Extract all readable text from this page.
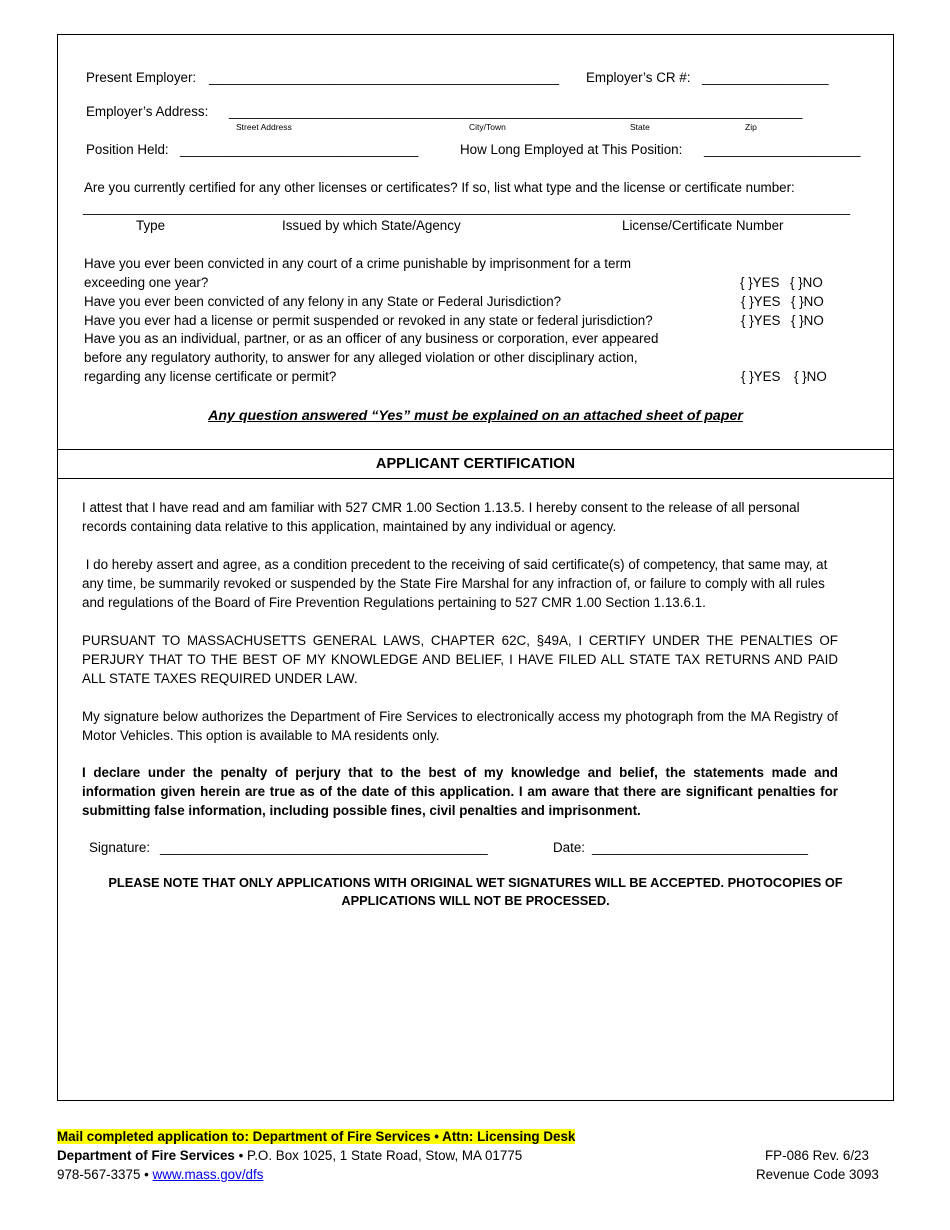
Present Employer: _______________________________________________ Employer’s CR #: _________________
Employer’s Address: _____________________________________________________________________________
Street Address	City/Town	State	Zip
Position Held: ________________________________	How Long Employed at This Position: _____________________
Are you currently certified for any other licenses or certificates? If so, list what type and the license or certificate number:
_______________________________________________________________________________________________________
Type	Issued by which State/Agency	License/Certificate Number
Have you ever been convicted in any court of a crime punishable by imprisonment for a term
exceeding one year?	{ }YES { }NO
Have you ever been convicted of any felony in any State or Federal Jurisdiction?	{ }YES { }NO
Have you ever had a license or permit suspended or revoked in any state or federal jurisdiction?	{ }YES { }NO
Have you as an individual, partner, or as an officer of any business or corporation, ever appeared
before any regulatory authority, to answer for any alleged violation or other disciplinary action,
regarding any license certificate or permit?	{ }YES { }NO
Any question answered “Yes” must be explained on an attached sheet of paper
APPLICANT CERTIFICATION
I attest that I have read and am familiar with 527 CMR 1.00 Section 1.13.5. I hereby consent to the release of all personal records containing data relative to this application, maintained by any individual or agency.
I do hereby assert and agree, as a condition precedent to the receiving of said certificate(s) of competency, that same may, at any time, be summarily revoked or suspended by the State Fire Marshal for any infraction of, or failure to comply with all rules and regulations of the Board of Fire Prevention Regulations pertaining to 527 CMR 1.00 Section 1.13.6.1.
PURSUANT TO MASSACHUSETTS GENERAL LAWS, CHAPTER 62C, §49A, I CERTIFY UNDER THE PENALTIES OF PERJURY THAT TO THE BEST OF MY KNOWLEDGE AND BELIEF, I HAVE FILED ALL STATE TAX RETURNS AND PAID ALL STATE TAXES REQUIRED UNDER LAW.
My signature below authorizes the Department of Fire Services to electronically access my photograph from the MA Registry of Motor Vehicles. This option is available to MA residents only.
I declare under the penalty of perjury that to the best of my knowledge and belief, the statements made and information given herein are true as of the date of this application. I am aware that there are significant penalties for submitting false information, including possible fines, civil penalties and imprisonment.
Signature: ____________________________________________	Date: _____________________________
PLEASE NOTE THAT ONLY APPLICATIONS WITH ORIGINAL WET SIGNATURES WILL BE ACCEPTED. PHOTOCOPIES OF
APPLICATIONS WILL NOT BE PROCESSED.
Mail completed application to: Department of Fire Services • Attn: Licensing Desk
Department of Fire Services • P.O. Box 1025, 1 State Road, Stow, MA 01775
978-567-3375 • www.mass.gov/dfs
FP-086 Rev. 6/23
Revenue Code 3093
